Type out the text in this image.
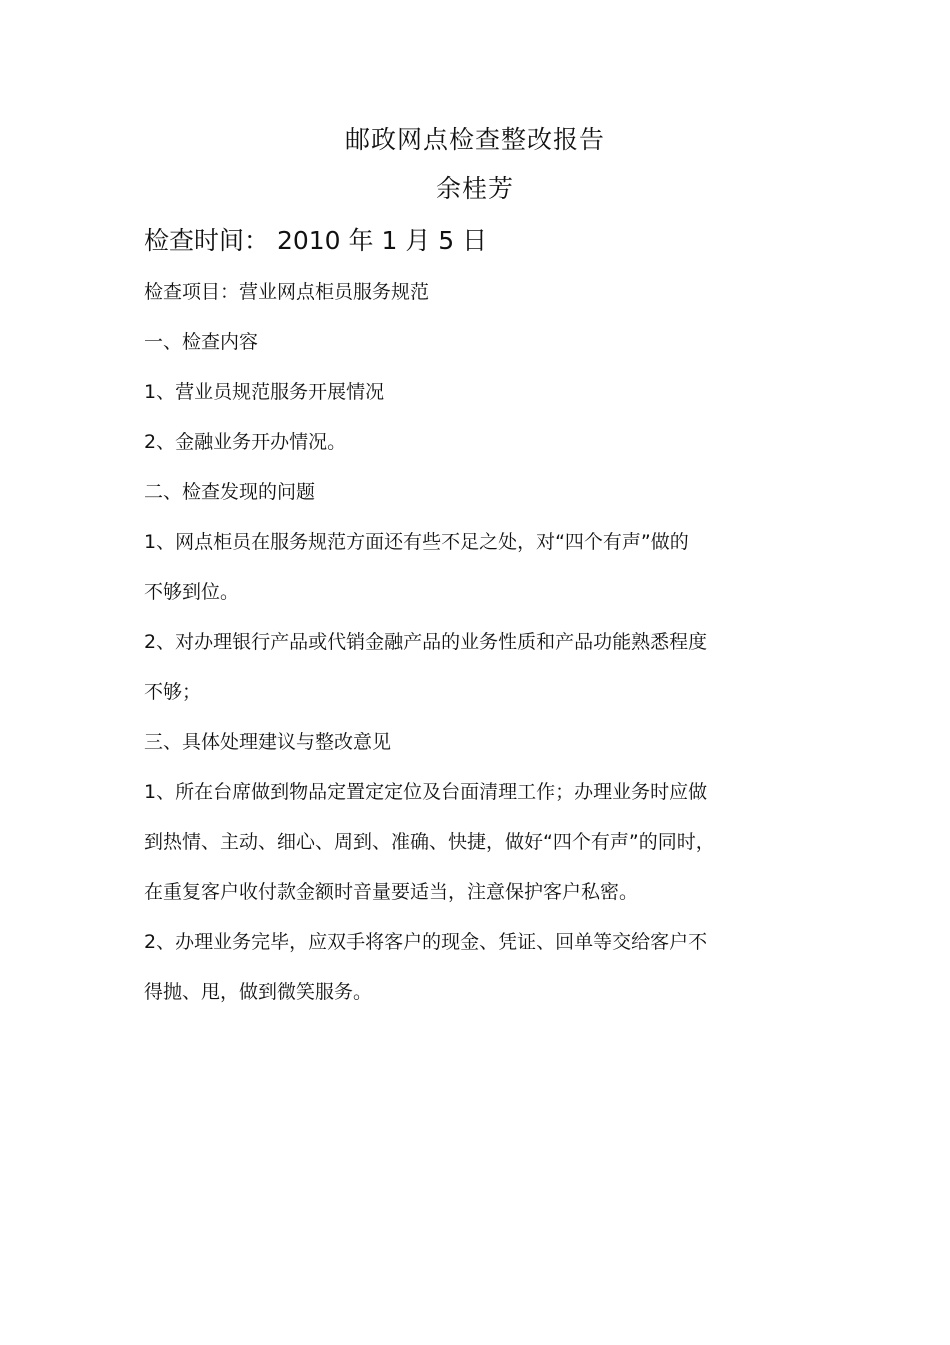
邮政网点检查整改报告
余桂芳
检查时间： 2010 年 1 月 5 日
检查项目：营业网点柜员服务规范
一、检查内容
1、营业员规范服务开展情况
2、金融业务开办情况。
二、检查发现的问题
1、网点柜员在服务规范方面还有些不足之处，对“四个有声”做的
不够到位。
2、对办理银行产品或代销金融产品的业务性质和产品功能熟悉程度
不够；
三、具体处理建议与整改意见
1、所在台席做到物品定置定定位及台面清理工作；办理业务时应做
到热情、主动、细心、周到、准确、快捷，做好“四个有声”的同时，
在重复客户收付款金额时音量要适当，注意保护客户私密。
2、办理业务完毕，应双手将客户的现金、凭证、回单等交给客户不
得抛、甩，做到微笑服务。
